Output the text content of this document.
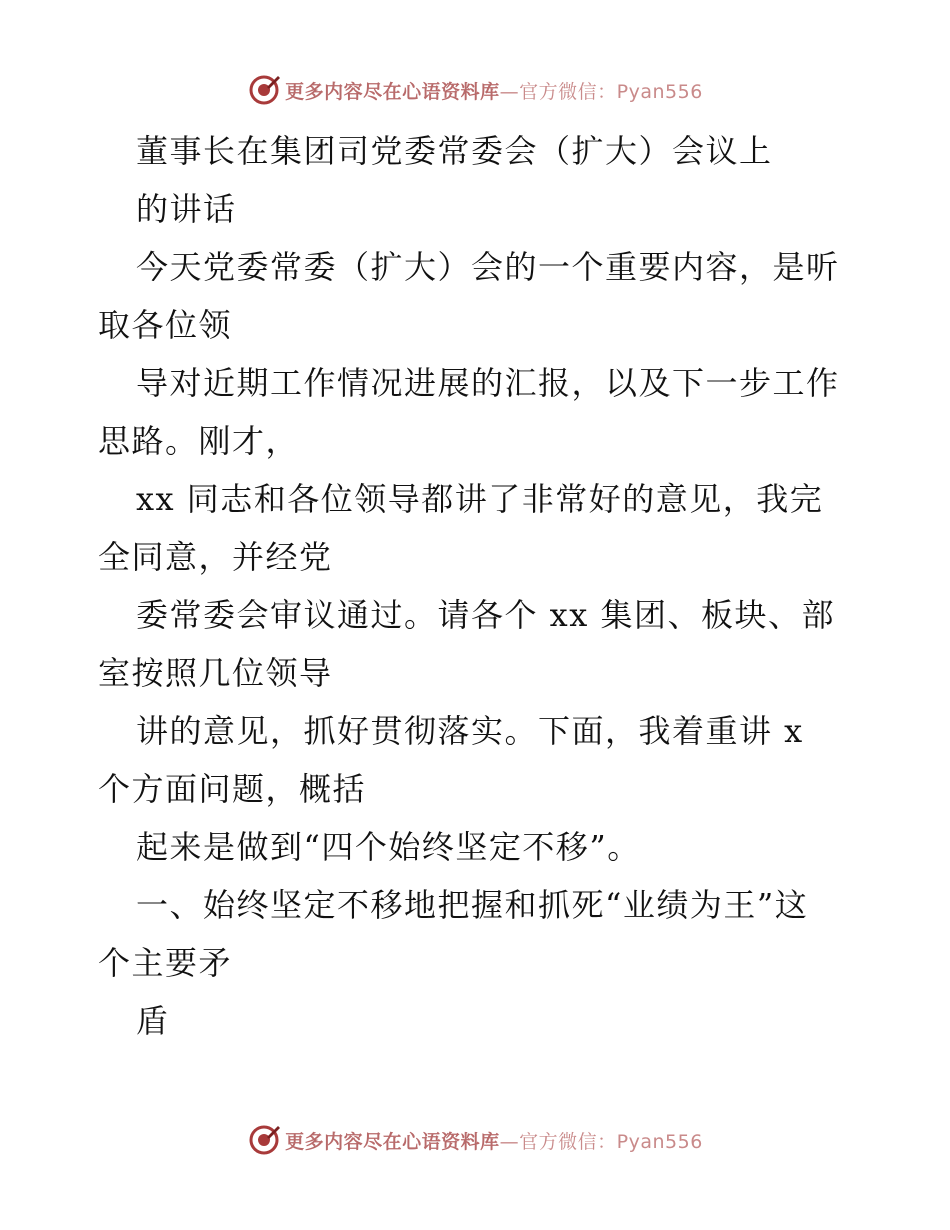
更多内容尽在心语资料库—官方微信：Pyan556
董事长在集团司党委常委会（扩大）会议上
的讲话
今天党委常委（扩大）会的一个重要内容，是听
取各位领
导对近期工作情况进展的汇报，以及下一步工作
思路。刚才，
xx 同志和各位领导都讲了非常好的意见，我完
全同意，并经党
委常委会审议通过。请各个 xx 集团、板块、部
室按照几位领导
讲的意见，抓好贯彻落实。下面，我着重讲 x
个方面问题，概括
起来是做到“四个始终坚定不移”。
一、始终坚定不移地把握和抓死“业绩为王”这
个主要矛
盾
更多内容尽在心语资料库—官方微信：Pyan556
